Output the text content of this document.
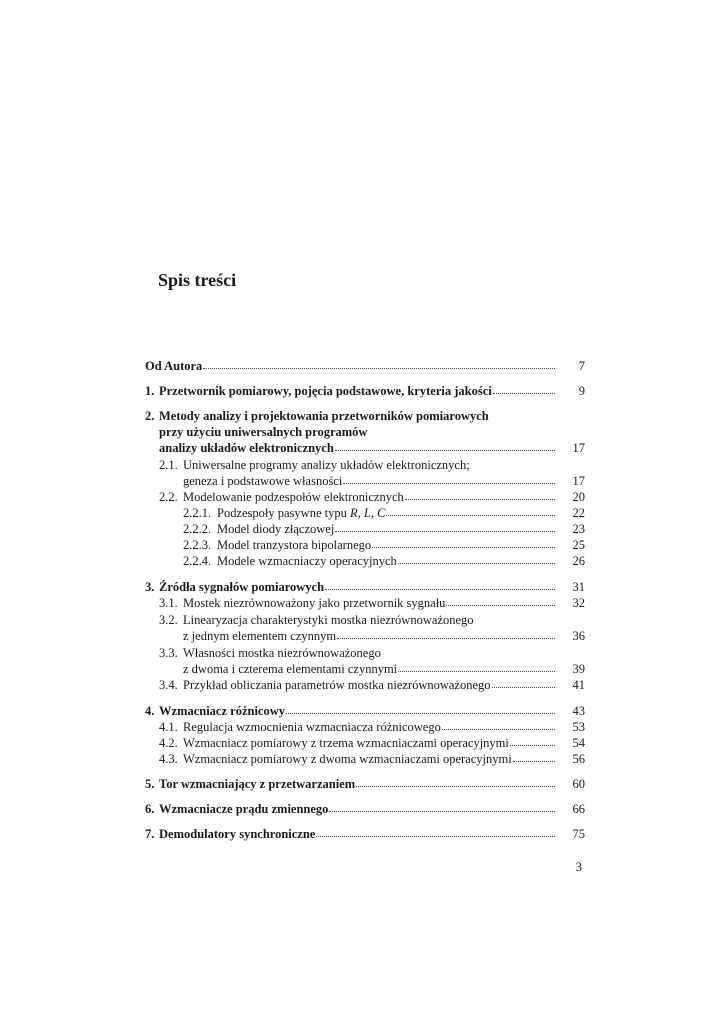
Spis treści
Od Autora	7
1. Przetwornik pomiarowy, pojęcia podstawowe, kryteria jakości	9
2. Metody analizy i projektowania przetworników pomiarowych
przy użyciu uniwersalnych programów
analizy układów elektronicznych	17
2.1. Uniwersalne programy analizy układów elektronicznych;
geneza i podstawowe własności	17
2.2. Modelowanie podzespołów elektronicznych	20
2.2.1. Podzespoły pasywne typu R, L, C	22
2.2.2. Model diody złączowej	23
2.2.3. Model tranzystora bipolarnego	25
2.2.4. Modele wzmacniaczy operacyjnych	26
3. Źródła sygnałów pomiarowych	31
3.1. Mostek niezrównoważony jako przetwornik sygnału	32
3.2. Linearyzacja charakterystyki mostka niezrównoważonego
z jednym elementem czynnym	36
3.3. Własności mostka niezrównoważonego
z dwoma i czterema elementami czynnymi	39
3.4. Przykład obliczania parametrów mostka niezrównoważonego	41
4. Wzmacniacz różnicowy	43
4.1. Regulacja wzmocnienia wzmacniacza różnicowego	53
4.2. Wzmacniacz pomiarowy z trzema wzmacniaczami operacyjnymi	54
4.3. Wzmacniacz pomiarowy z dwoma wzmacniaczami operacyjnymi	56
5. Tor wzmacniający z przetwarzaniem	60
6. Wzmacniacze prądu zmiennego	66
7. Demodulatory synchroniczne	75
3
